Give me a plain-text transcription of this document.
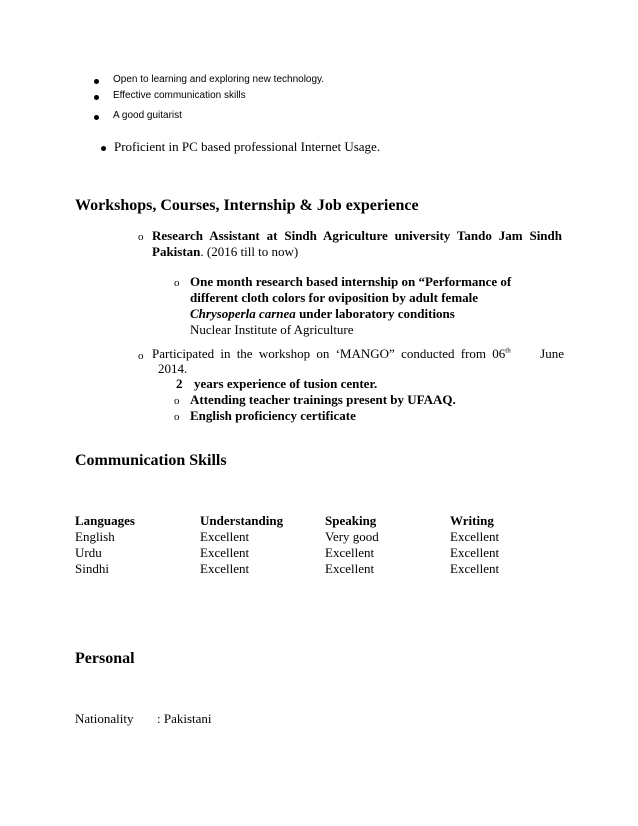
Open to learning and exploring new technology.
Effective communication skills
A good guitarist
Proficient in PC based professional Internet Usage.
Workshops, Courses, Internship & Job experience
o Research Assistant at Sindh Agriculture university Tando Jam Sindh
Pakistan. (2016 till to now)
o One month research based internship on “Performance of
different cloth colors for oviposition by adult female
Chrysoperla carnea under laboratory conditions
Nuclear Institute of Agriculture
o Participated in the workshop on ‘MANGO” conducted from 06th June
2014.
2 years experience of tusion center.
o Attending teacher trainings present by UFAAQ.
o English proficiency certificate
Communication Skills
Languages	Understanding	Speaking	Writing
English	Excellent	Very good	Excellent
Urdu	Excellent	Excellent	Excellent
Sindhi	Excellent	Excellent	Excellent
Personal
Nationality : Pakistani
